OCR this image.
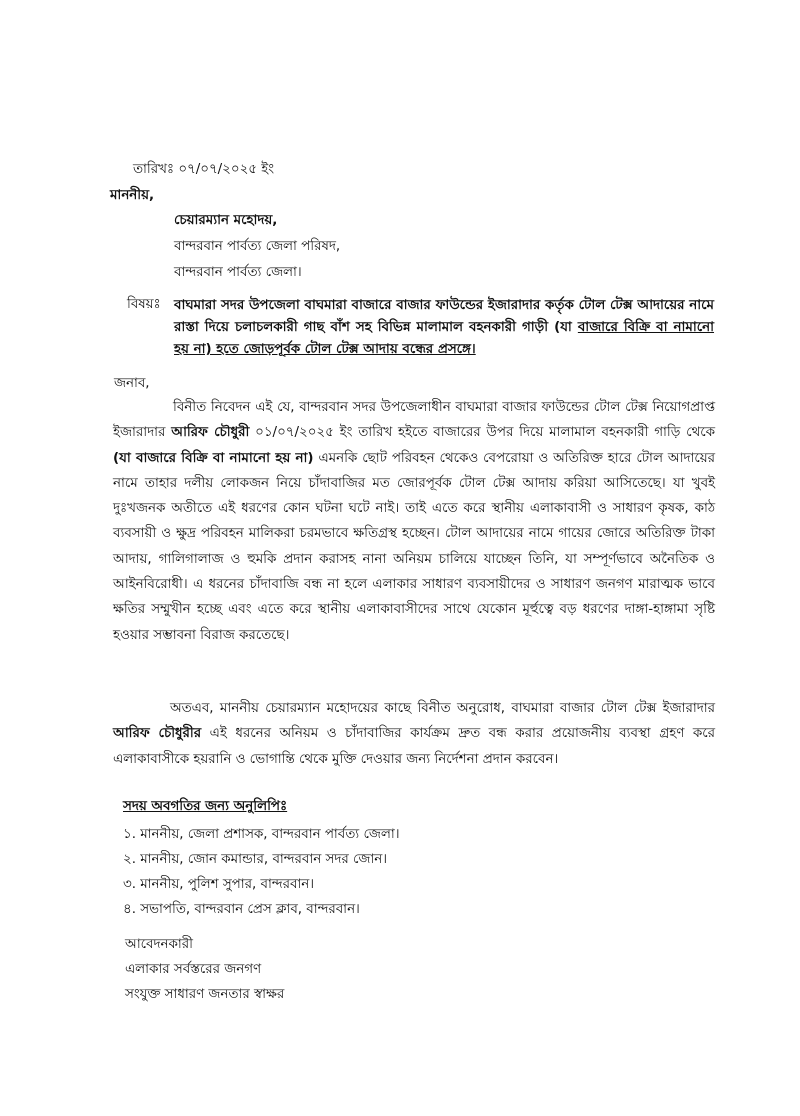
তারিখঃ ০৭/০৭/২০২৫ ইং
মাননীয়,
চেয়ারম্যান মহোদয়,
বান্দরবান পার্বত্য জেলা পরিষদ,
বান্দরবান পার্বত্য জেলা।
বিষয়ঃ বাঘমারা সদর উপজেলা বাঘমারা বাজারে বাজার ফাউন্ডের ইজারাদার কর্তৃক টোল টেক্স আদায়ের নামে রাস্তা দিয়ে চলাচলকারী গাছ বাঁশ সহ বিভিন্ন মালামাল বহনকারী গাড়ী (যা বাজারে বিক্রি বা নামানো হয় না) হতে জোড়পূর্বক টোল টেক্স আদায় বন্ধের প্রসঙ্গে।
জনাব,
বিনীত নিবেদন এই যে, বান্দরবান সদর উপজেলাধীন বাঘমারা বাজার ফাউন্ডের টোল টেক্স নিয়োগপ্রাপ্ত ইজারাদার আরিফ চৌধুরী ০১/০৭/২০২৫ ইং তারিখ হইতে বাজারের উপর দিয়ে মালামাল বহনকারী গাড়ি থেকে (যা বাজারে বিক্রি বা নামানো হয় না) এমনকি ছোট পরিবহন থেকেও বেপরোয়া ও অতিরিক্ত হারে টোল আদায়ের নামে তাহার দলীয় লোকজন নিয়ে চাঁদাবাজির মত জোরপূর্বক টোল টেক্স আদায় করিয়া আসিতেছে। যা খুবই দুঃখজনক অতীতে এই ধরণের কোন ঘটনা ঘটে নাই। তাই এতে করে স্থানীয় এলাকাবাসী ও সাধারণ কৃষক, কাঠ ব্যবসায়ী ও ক্ষুদ্র পরিবহন মালিকরা চরমভাবে ক্ষতিগ্রস্থ হচ্ছেন। টোল আদায়ের নামে গায়ের জোরে অতিরিক্ত টাকা আদায়, গালিগালাজ ও হুমকি প্রদান করাসহ নানা অনিয়ম চালিয়ে যাচ্ছেন তিনি, যা সম্পূর্ণভাবে অনৈতিক ও আইনবিরোধী। এ ধরনের চাঁদাবাজি বন্ধ না হলে এলাকার সাধারণ ব্যবসায়ীদের ও সাধারণ জনগণ মারাত্মক ভাবে ক্ষতির সম্মুখীন হচ্ছে এবং এতে করে স্থানীয় এলাকাবাসীদের সাথে যেকোন মূর্হুত্বে বড় ধরণের দাঙ্গা-হাঙ্গামা সৃষ্টি হওয়ার সম্ভাবনা বিরাজ করতেছে।
অতএব, মাননীয় চেয়ারম্যান মহোদয়ের কাছে বিনীত অনুরোধ, বাঘমারা বাজার টোল টেক্স ইজারাদার আরিফ চৌধুরীর এই ধরনের অনিয়ম ও চাঁদাবাজির কার্যক্রম দ্রুত বন্ধ করার প্রয়োজনীয় ব্যবস্থা গ্রহণ করে এলাকাবাসীকে হয়রানি ও ভোগান্তি থেকে মুক্তি দেওয়ার জন্য নির্দেশনা প্রদান করবেন।
সদয় অবগতির জন্য অনুলিপিঃ
১. মাননীয়, জেলা প্রশাসক, বান্দরবান পার্বত্য জেলা।
২. মাননীয়, জোন কমান্ডার, বান্দরবান সদর জোন।
৩. মাননীয়, পুলিশ সুপার, বান্দরবান।
৪. সভাপতি, বান্দরবান প্রেস ক্লাব, বান্দরবান।
আবেদনকারী
এলাকার সর্বস্তরের জনগণ
সংযুক্ত সাধারণ জনতার স্বাক্ষর
